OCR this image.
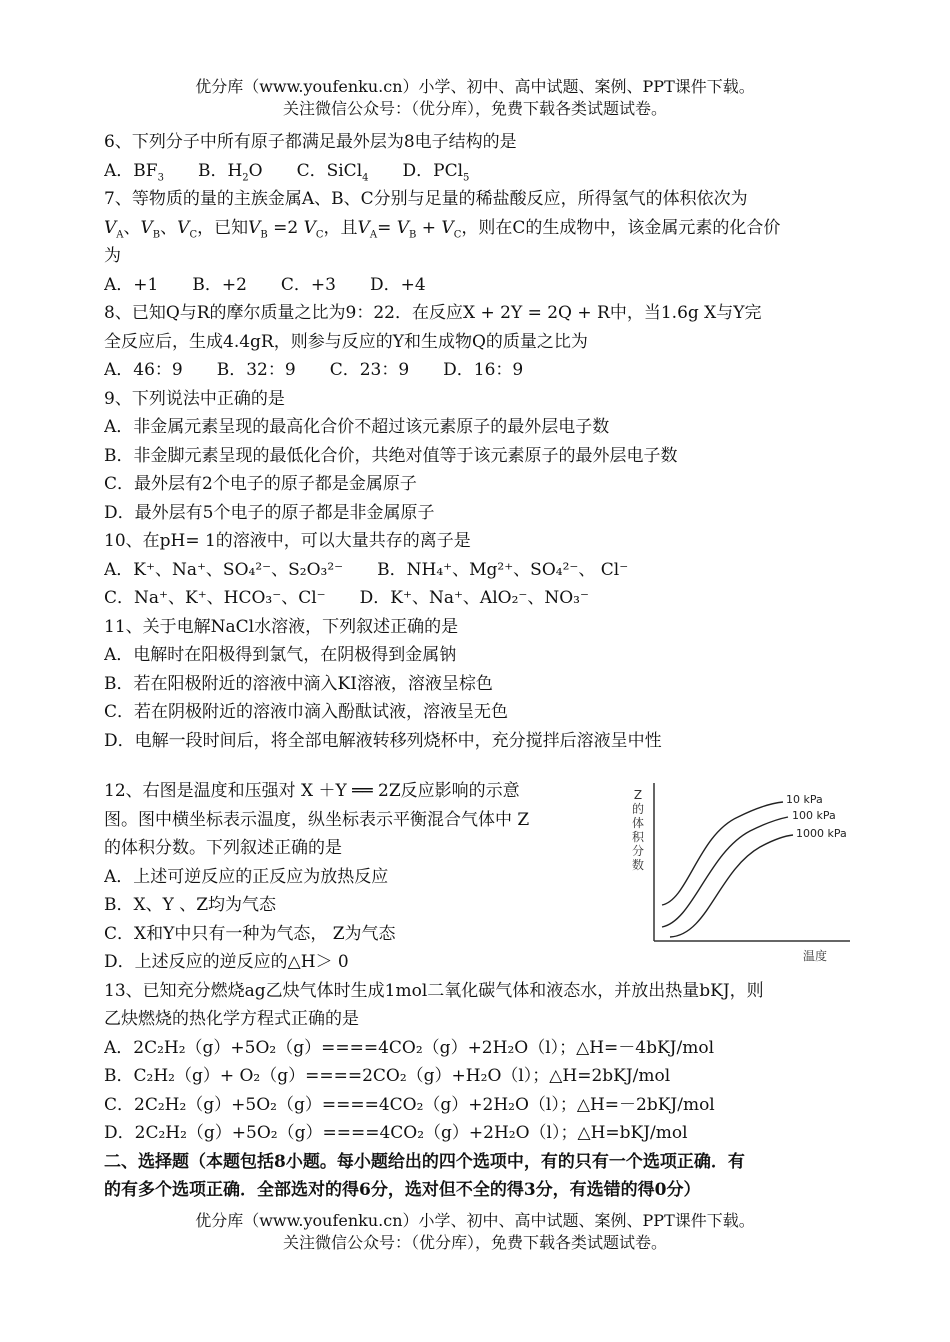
优分库（www.youfenku.cn）小学、初中、高中试题、案例、PPT课件下载。
关注微信公众号：（优分库），免费下载各类试题试卷。
6、下列分子中所有原子都满足最外层为8电子结构的是
A．$BF_3$   B．$H_2O$   C．SiCl$_4$   D．PCl$_5$
7、等物质的量的主族金属A、B、C分别与足量的稀盐酸反应，所得氢气的体积依次为
$V_A$、$V_B$、$V_C$，已知$V_B =2$ $V_C$，且$V_A= V_B + V_C$，则在C的生成物中，该金属元素的化合价
为
A．+1   B．+2   C．+3   D．+4
8、已知Q与R的摩尔质量之比为9：22．在反应X + 2Y = 2Q + R中，当1.6g X与Y完
全反应后，生成4.4gR，则参与反应的Y和生成物Q的质量之比为
A．46：9   B．32：9   C．23：9   D．16：9
9、下列说法中正确的是
A．非金属元素呈现的最高化合价不超过该元素原子的最外层电子数
B．非金脚元素呈现的最低化合价，共绝对值等于该元素原子的最外层电子数
C．最外层有2个电子的原子都是金属原子
D．最外层有5个电子的原子都是非金属原子
10、在pH= 1的溶液中，可以大量共存的离子是
A．K⁺、Na⁺、SO₄²⁻、S₂O₃²⁻　　B．NH₄⁺、Mg²⁺、SO₄²⁻、 Cl⁻
C．Na⁺、K⁺、HCO₃⁻、Cl⁻　　D．K⁺、Na⁺、AlO₂⁻、NO₃⁻
11、关于电解NaCl水溶液，下列叙述正确的是
A．电解时在阳极得到氯气，在阴极得到金属钠
B．若在阳极附近的溶液中滴入KI溶液，溶液呈棕色
C．若在阴极附近的溶液巾滴入酚酞试液，溶液呈无色
D．电解一段时间后，将全部电解液转移列烧杯中，充分搅拌后溶液呈中性
12、右图是温度和压强对 X ＋Y ══ 2Z反应影响的示意
图。图中横坐标表示温度，纵坐标表示平衡混合气体中 Z
的体积分数。下列叙述正确的是
A．上述可逆反应的正反应为放热反应
B．X、Y 、Z均为气态
C．X和Y中只有一种为气态， Z为气态
D．上述反应的逆反应的△H＞ 0
Z
的
体
积
分
数
温度
10 kPa
100 kPa
1000 kPa
13、已知充分燃烧ag乙炔气体时生成1mol二氧化碳气体和液态水，并放出热量bKJ，则
乙炔燃烧的热化学方程式正确的是
A．2C₂H₂（g）+5O₂（g）====4CO₂（g）+2H₂O（l）；△H=－4bKJ/mol
B．C₂H₂（g）+ O₂（g）====2CO₂（g）+H₂O（l）；△H=2bKJ/mol
C．2C₂H₂（g）+5O₂（g）====4CO₂（g）+2H₂O（l）；△H=－2bKJ/mol
D．2C₂H₂（g）+5O₂（g）====4CO₂（g）+2H₂O（l）；△H=bKJ/mol
二、选择题（本题包括8小题。每小题给出的四个选项中，有的只有一个选项正确．有
的有多个选项正确．全部选对的得6分，选对但不全的得3分，有选错的得0分）
优分库（www.youfenku.cn）小学、初中、高中试题、案例、PPT课件下载。
关注微信公众号：（优分库），免费下载各类试题试卷。
